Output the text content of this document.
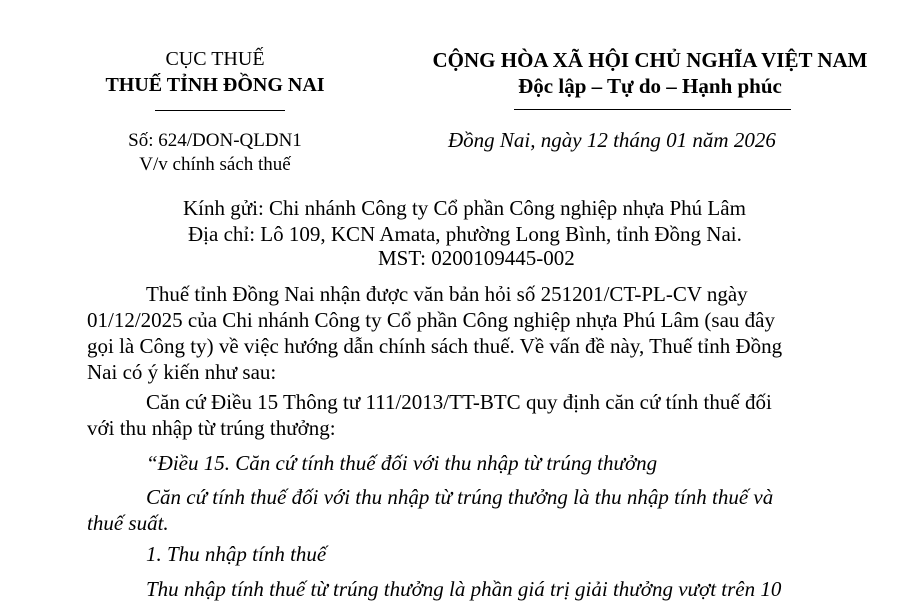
CỤC THUẾ
THUẾ TỈNH ĐỒNG NAI
Số: 624/DON-QLDN1
V/v chính sách thuế
CỘNG HÒA XÃ HỘI CHỦ NGHĨA VIỆT NAM
Độc lập – Tự do – Hạnh phúc
Đồng Nai, ngày 12 tháng 01 năm 2026
Kính gửi: Chi nhánh Công ty Cổ phần Công nghiệp nhựa Phú Lâm
Địa chỉ: Lô 109, KCN Amata, phường Long Bình, tỉnh Đồng Nai.
MST: 0200109445-002
Thuế tỉnh Đồng Nai nhận được văn bản hỏi số 251201/CT-PL-CV ngày
01/12/2025 của Chi nhánh Công ty Cổ phần Công nghiệp nhựa Phú Lâm (sau đây
gọi là Công ty) về việc hướng dẫn chính sách thuế. Về vấn đề này, Thuế tỉnh Đồng
Nai có ý kiến như sau:
Căn cứ Điều 15 Thông tư 111/2013/TT-BTC quy định căn cứ tính thuế đối
với thu nhập từ trúng thưởng:
“Điều 15. Căn cứ tính thuế đối với thu nhập từ trúng thưởng
Căn cứ tính thuế đối với thu nhập từ trúng thưởng là thu nhập tính thuế và
thuế suất.
1. Thu nhập tính thuế
Thu nhập tính thuế từ trúng thưởng là phần giá trị giải thưởng vượt trên 10
